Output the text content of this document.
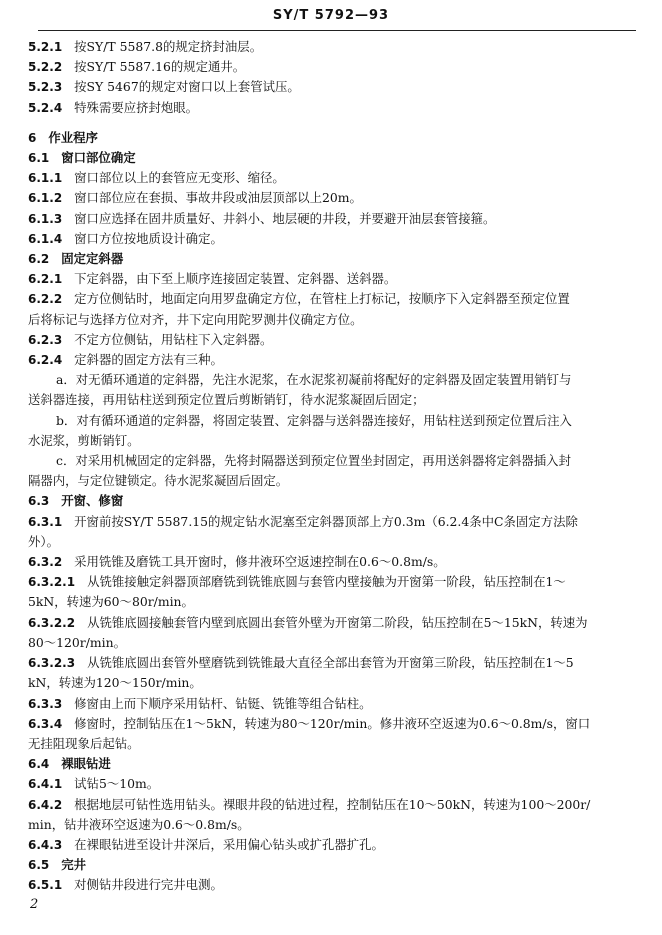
SY/T 5792—93
5.2.1 按SY/T 5587.8的规定挤封油层。
5.2.2 按SY/T 5587.16的规定通井。
5.2.3 按SY 5467的规定对窗口以上套管试压。
5.2.4 特殊需要应挤封炮眼。
6 作业程序
6.1 窗口部位确定
6.1.1 窗口部位以上的套管应无变形、缩径。
6.1.2 窗口部位应在套损、事故井段或油层顶部以上20m。
6.1.3 窗口应选择在固井质量好、井斜小、地层硬的井段，并要避开油层套管接箍。
6.1.4 窗口方位按地质设计确定。
6.2 固定定斜器
6.2.1 下定斜器，由下至上顺序连接固定装置、定斜器、送斜器。
6.2.2 定方位侧钻时，地面定向用罗盘确定方位，在管柱上打标记，按顺序下入定斜器至预定位置
后将标记与选择方位对齐，井下定向用陀罗测井仪确定方位。
6.2.3 不定方位侧钻，用钻柱下入定斜器。
6.2.4 定斜器的固定方法有三种。
a．对无循环通道的定斜器，先注水泥浆，在水泥浆初凝前将配好的定斜器及固定装置用销钉与
送斜器连接，再用钻柱送到预定位置后剪断销钉，待水泥浆凝固后固定；
b．对有循环通道的定斜器，将固定装置、定斜器与送斜器连接好，用钻柱送到预定位置后注入
水泥浆，剪断销钉。
c．对采用机械固定的定斜器，先将封隔器送到预定位置坐封固定，再用送斜器将定斜器插入封
隔器内，与定位键锁定。待水泥浆凝固后固定。
6.3 开窗、修窗
6.3.1 开窗前按SY/T 5587.15的规定钻水泥塞至定斜器顶部上方0.3m（6.2.4条中C条固定方法除
外）。
6.3.2 采用铣锥及磨铣工具开窗时，修井液环空返速控制在0.6～0.8m/s。
6.3.2.1 从铣锥接触定斜器顶部磨铣到铣锥底圆与套管内壁接触为开窗第一阶段，钻压控制在1～
5kN，转速为60～80r/min。
6.3.2.2 从铣锥底圆接触套管内壁到底圆出套管外壁为开窗第二阶段，钻压控制在5～15kN，转速为
80～120r/min。
6.3.2.3 从铣锥底圆出套管外壁磨铣到铣锥最大直径全部出套管为开窗第三阶段，钻压控制在1～5
kN，转速为120～150r/min。
6.3.3 修窗由上而下顺序采用钻杆、钻铤、铣锥等组合钻柱。
6.3.4 修窗时，控制钻压在1～5kN，转速为80～120r/min。修井液环空返速为0.6～0.8m/s，窗口
无挂阻现象后起钻。
6.4 裸眼钻进
6.4.1 试钻5～10m。
6.4.2 根据地层可钻性选用钻头。裸眼井段的钻进过程，控制钻压在10～50kN，转速为100～200r/
min，钻井液环空返速为0.6～0.8m/s。
6.4.3 在裸眼钻进至设计井深后，采用偏心钻头或扩孔器扩孔。
6.5 完井
6.5.1 对侧钻井段进行完井电测。
2
